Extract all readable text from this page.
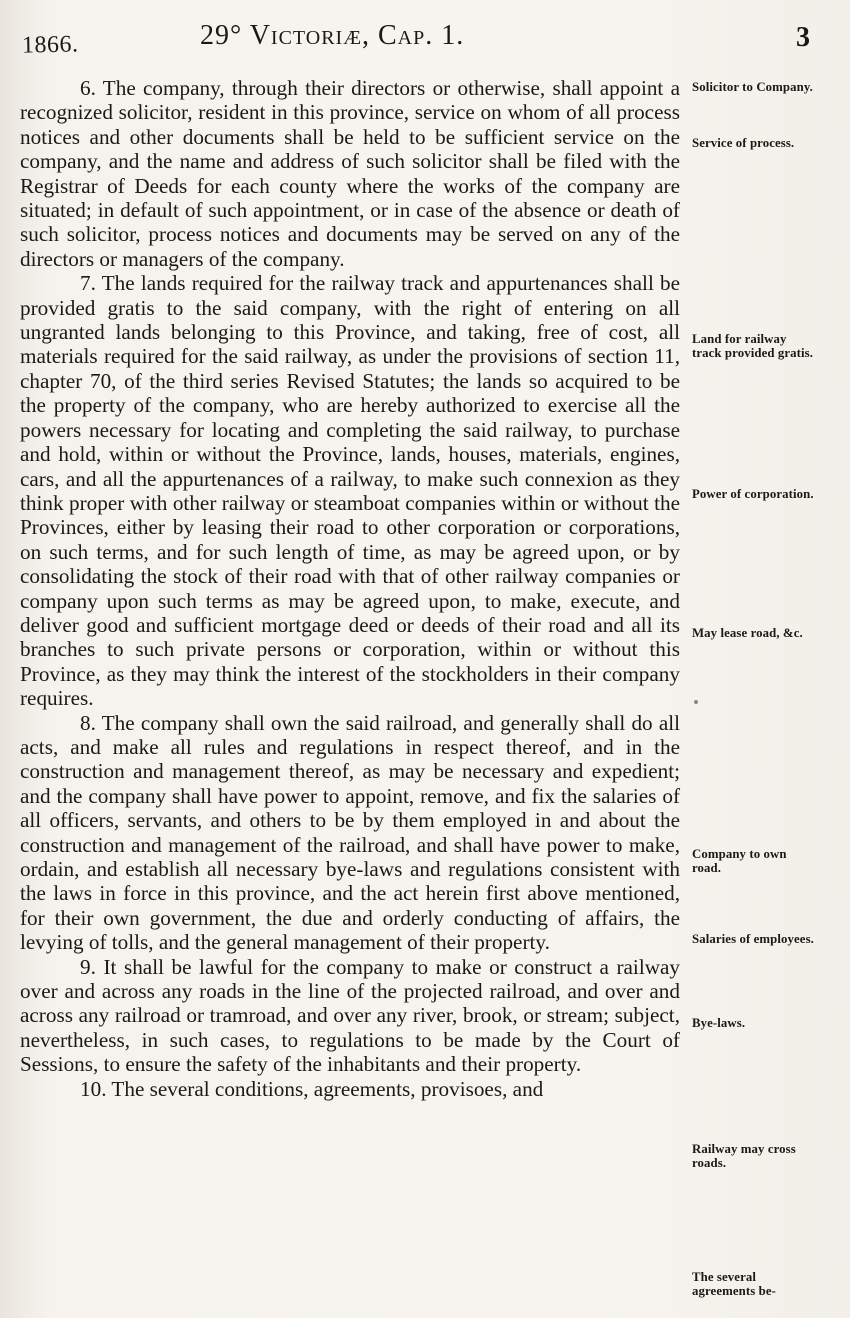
1866.	29° Victoriæ, Cap. 1.	3

6. The company, through their directors or otherwise, shall appoint a recognized solicitor, resident in this province, service on whom of all process notices and other documents shall be held to be sufficient service on the company, and the name and address of such solicitor shall be filed with the Registrar of Deeds for each county where the works of the company are situated; in default of such appointment, or in case of the absence or death of such solicitor, process notices and documents may be served on any of the directors or managers of the company.

7. The lands required for the railway track and appurtenances shall be provided gratis to the said company, with the right of entering on all ungranted lands belonging to this Province, and taking, free of cost, all materials required for the said railway, as under the provisions of section 11, chapter 70, of the third series Revised Statutes; the lands so acquired to be the property of the company, who are hereby authorized to exercise all the powers necessary for locating and completing the said railway, to purchase and hold, within or without the Province, lands, houses, materials, engines, cars, and all the appurtenances of a railway, to make such connexion as they think proper with other railway or steamboat companies within or without the Provinces, either by leasing their road to other corporation or corporations, on such terms, and for such length of time, as may be agreed upon, or by consolidating the stock of their road with that of other railway companies or company upon such terms as may be agreed upon, to make, execute, and deliver good and sufficient mortgage deed or deeds of their road and all its branches to such private persons or corporation, within or without this Province, as they may think the interest of the stockholders in their company requires.

8. The company shall own the said railroad, and generally shall do all acts, and make all rules and regulations in respect thereof, and in the construction and management thereof, as may be necessary and expedient; and the company shall have power to appoint, remove, and fix the salaries of all officers, servants, and others to be by them employed in and about the construction and management of the railroad, and shall have power to make, ordain, and establish all necessary bye-laws and regulations consistent with the laws in force in this province, and the act herein first above mentioned, for their own government, the due and orderly conducting of affairs, the levying of tolls, and the general management of their property.

9. It shall be lawful for the company to make or construct a railway over and across any roads in the line of the projected railroad, and over and across any railroad or tramroad, and over any river, brook, or stream; subject, nevertheless, in such cases, to regulations to be made by the Court of Sessions, to ensure the safety of the inhabitants and their property.

10. The several conditions, agreements, provisoes, and

Solicitor to Company.
Service of process.
Land for railway track provided gratis.
Power of corporation.
May lease road, &c.
Company to own road.
Salaries of employees.
Bye-laws.
Railway may cross roads.
The several agreements be-
